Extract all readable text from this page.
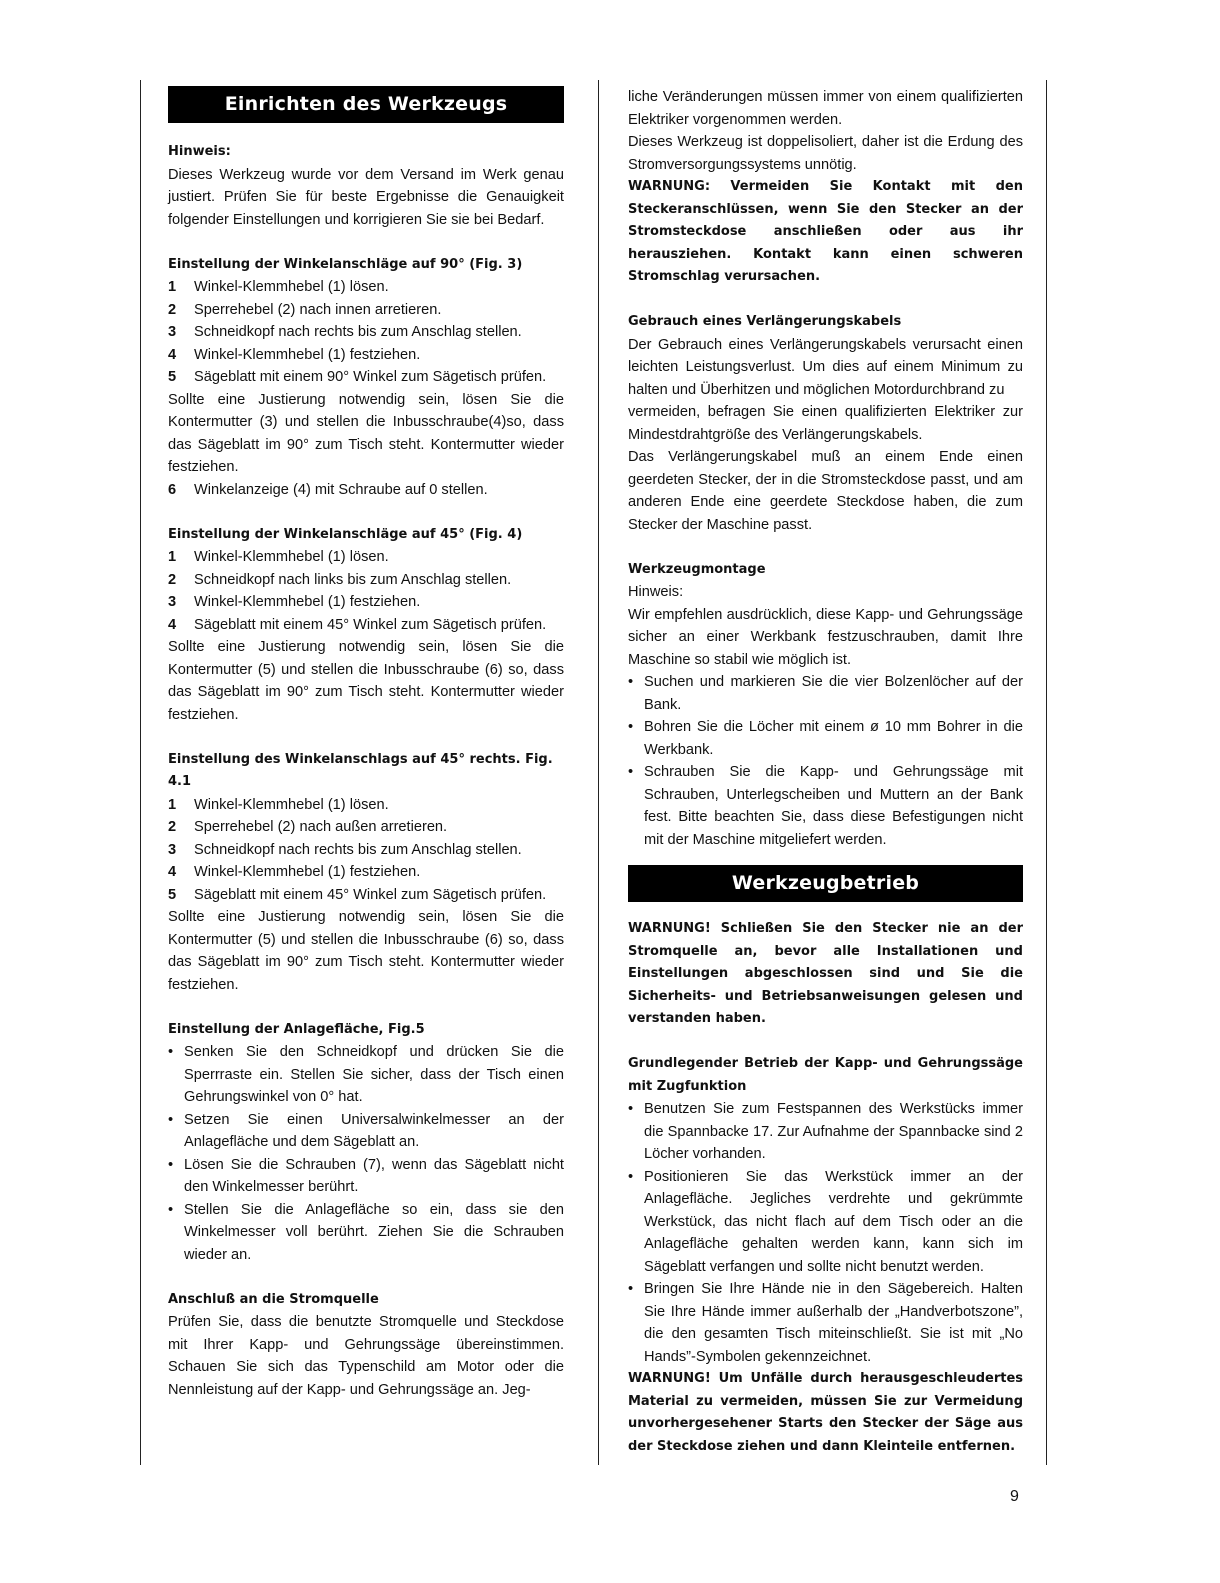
Einrichten des Werkzeugs
Hinweis:

Dieses Werkzeug wurde vor dem Versand im Werk genau justiert. Prüfen Sie für beste Ergebnisse die Genauigkeit folgender Einstellungen und korrigieren Sie sie bei Bedarf.

Einstellung der Winkelanschläge auf 90° (Fig. 3)
1 Winkel-Klemmhebel (1) lösen.
2 Sperrehebel (2) nach innen arretieren.
3 Schneidkopf nach rechts bis zum Anschlag stellen.
4 Winkel-Klemmhebel (1) festziehen.
5 Sägeblatt mit einem 90° Winkel zum Sägetisch prüfen.

Sollte eine Justierung notwendig sein, lösen Sie die Kontermutter (3) und stellen die Inbusschraube(4)so, dass das Sägeblatt im 90° zum Tisch steht. Kontermutter wieder festziehen.

6 Winkelanzeige (4) mit Schraube auf 0 stellen.
Einstellung der Winkelanschläge auf 45° (Fig. 4)
1 Winkel-Klemmhebel (1) lösen.
2 Schneidkopf nach links bis zum Anschlag stellen.
3 Winkel-Klemmhebel (1) festziehen.
4 Sägeblatt mit einem 45° Winkel zum Sägetisch prüfen.

Sollte eine Justierung notwendig sein, lösen Sie die Kontermutter (5) und stellen die Inbusschraube (6) so, dass das Sägeblatt im 90° zum Tisch steht. Kontermutter wieder festziehen.

Einstellung des Winkelanschlags auf 45° rechts. Fig. 4.1
1 Winkel-Klemmhebel (1) lösen.
2 Sperrehebel (2) nach außen arretieren.
3 Schneidkopf nach rechts bis zum Anschlag stellen.
4 Winkel-Klemmhebel (1) festziehen.
5 Sägeblatt mit einem 45° Winkel zum Sägetisch prüfen.

Sollte eine Justierung notwendig sein, lösen Sie die Kontermutter (5) und stellen die Inbusschraube (6) so, dass das Sägeblatt im 90° zum Tisch steht. Kontermutter wieder festziehen.

Einstellung der Anlagefläche, Fig.5
• Senken Sie den Schneidkopf und drücken Sie die Sperrraste ein. Stellen Sie sicher, dass der Tisch einen Gehrungswinkel von 0° hat.
• Setzen Sie einen Universalwinkelmesser an der Anlagefläche und dem Sägeblatt an.
• Lösen Sie die Schrauben (7), wenn das Sägeblatt nicht den Winkelmesser berührt.
• Stellen Sie die Anlagefläche so ein, dass sie den Winkelmesser voll berührt. Ziehen Sie die Schrauben wieder an.
Anschluß an die Stromquelle

Prüfen Sie, dass die benutzte Stromquelle und Steckdose mit Ihrer Kapp- und Gehrungssäge übereinstimmen. Schauen Sie sich das Typenschild am Motor oder die Nennleistung auf der Kapp- und Gehrungssäge an. Jeg-

liche Veränderungen müssen immer von einem qualifizierten Elektriker vorgenommen werden.

Dieses Werkzeug ist doppelisoliert, daher ist die Erdung des Stromversorgungssystems unnötig.

WARNUNG: Vermeiden Sie Kontakt mit den Steckeranschlüssen, wenn Sie den Stecker an der Stromsteckdose anschließen oder aus ihr herausziehen. Kontakt kann einen schweren Stromschlag verursachen.
Gebrauch eines Verlängerungskabels

Der Gebrauch eines Verlängerungskabels verursacht einen leichten Leistungsverlust. Um dies auf einem Minimum zu halten und Überhitzen und möglichen Motordurchbrand zu

vermeiden, befragen Sie einen qualifizierten Elektriker zur Mindestdrahtgröße des Verlängerungskabels.

Das Verlängerungskabel muß an einem Ende einen geerdeten Stecker, der in die Stromsteckdose passt, und am anderen Ende eine geerdete Steckdose haben, die zum Stecker der Maschine passt.

Werkzeugmontage

Hinweis:

Wir empfehlen ausdrücklich, diese Kapp- und Gehrungssäge sicher an einer Werkbank festzuschrauben, damit Ihre Maschine so stabil wie möglich ist.

• Suchen und markieren Sie die vier Bolzenlöcher auf der Bank.
• Bohren Sie die Löcher mit einem ø 10 mm Bohrer in die Werkbank.
• Schrauben Sie die Kapp- und Gehrungssäge mit Schrauben, Unterlegscheiben und Muttern an der Bank fest. Bitte beachten Sie, dass diese Befestigungen nicht mit der Maschine mitgeliefert werden.
Werkzeugbetrieb
WARNUNG! Schließen Sie den Stecker nie an der Stromquelle an, bevor alle Installationen und Einstellungen abgeschlossen sind und Sie die Sicherheits- und Betriebsanweisungen gelesen und verstanden haben.
Grundlegender Betrieb der Kapp- und Gehrungssäge mit Zugfunktion
• Benutzen Sie zum Festspannen des Werkstücks immer die Spannbacke 17. Zur Aufnahme der Spannbacke sind 2 Löcher vorhanden.
• Positionieren Sie das Werkstück immer an der Anlagefläche. Jegliches verdrehte und gekrümmte Werkstück, das nicht flach auf dem Tisch oder an die Anlagefläche gehalten werden kann, kann sich im Sägeblatt verfangen und sollte nicht benutzt werden.
• Bringen Sie Ihre Hände nie in den Sägebereich. Halten Sie Ihre Hände immer außerhalb der „Handverbotszone”, die den gesamten Tisch miteinschließt. Sie ist mit „No Hands”-Symbolen gekennzeichnet.
WARNUNG! Um Unfälle durch herausgeschleudertes Material zu vermeiden, müssen Sie zur Vermeidung unvorhergesehener Starts den Stecker der Säge aus der Steckdose ziehen und dann Kleinteile entfernen.
9
